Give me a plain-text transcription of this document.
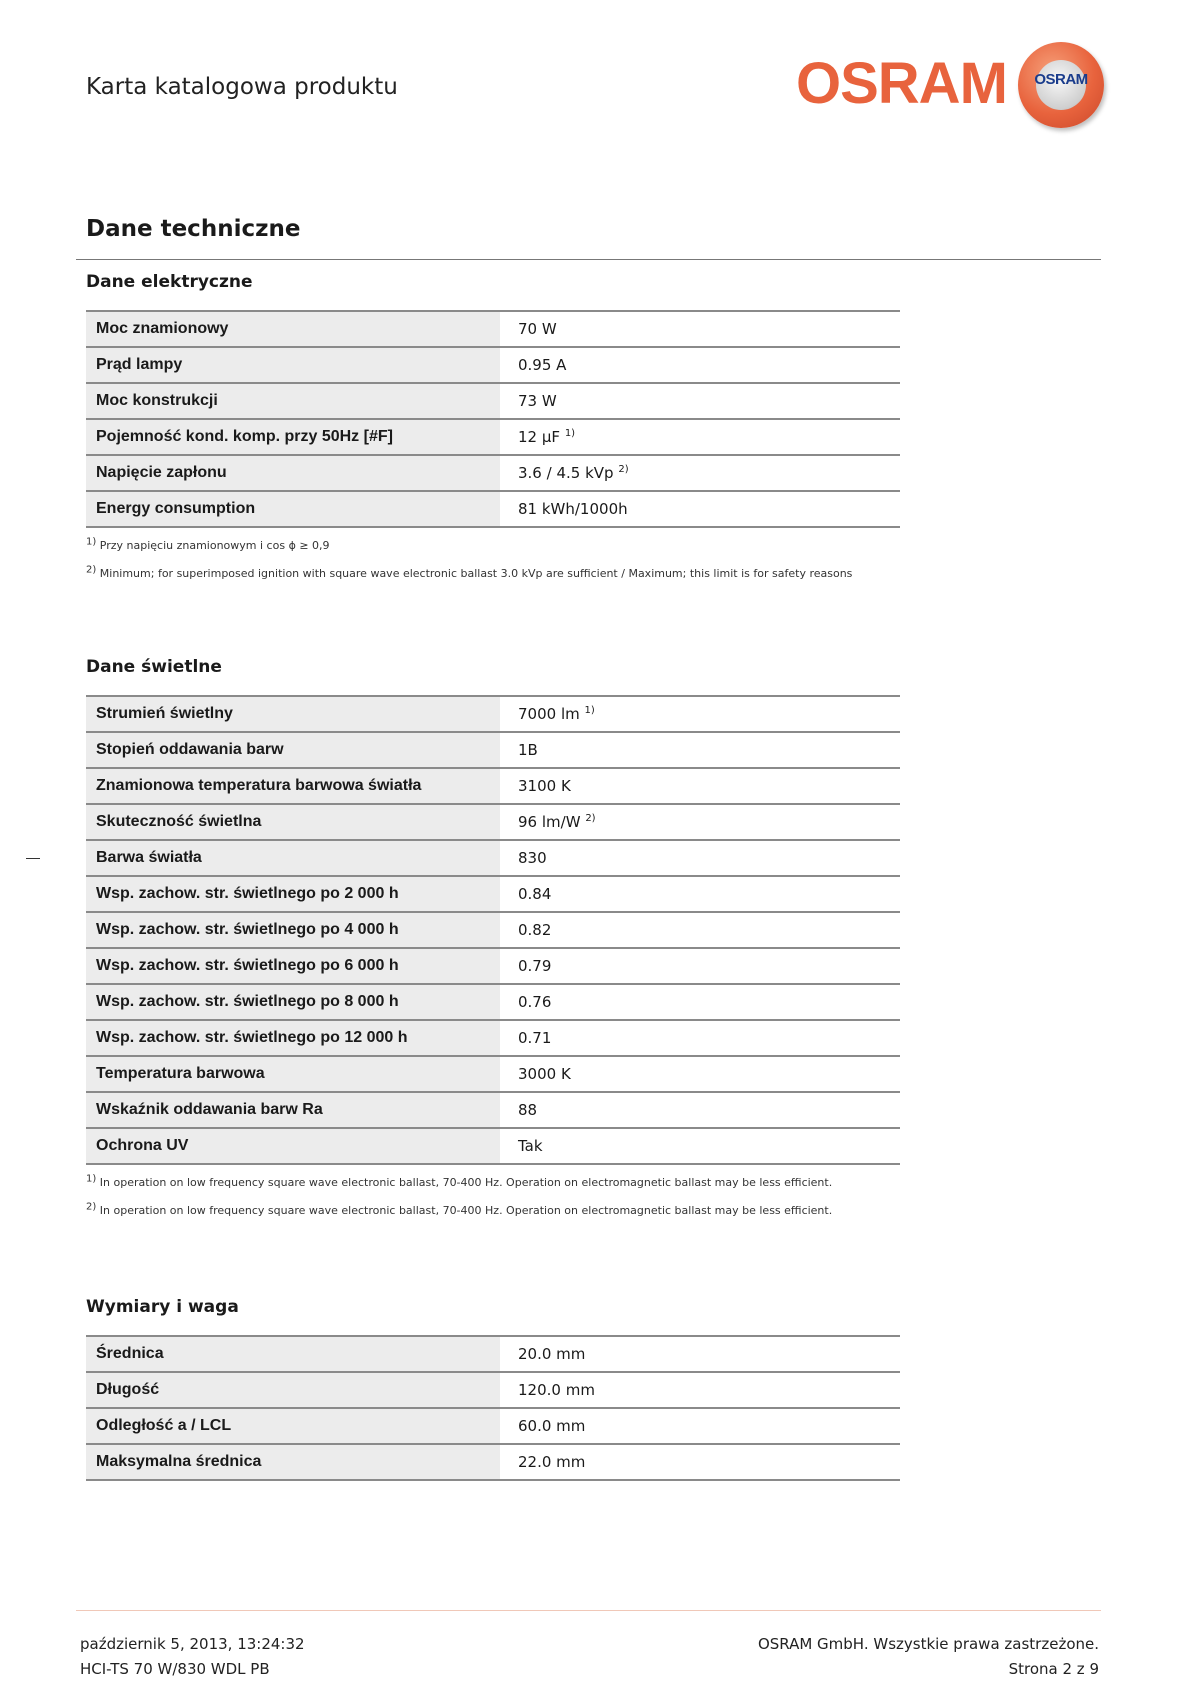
Karta katalogowa produktu	OSRAM	OSRAM
Dane techniczne
Dane elektryczne
Moc znamionowy		70 W
Prąd lampy		0.95 A
Moc konstrukcji		73 W
Pojemność kond. komp. przy 50Hz [#F]		12 µF $^{1)}$
Napięcie zapłonu		3.6 / 4.5 kVp $^{2)}$
Energy consumption		81 kWh/1000h
$^{1)}$ Przy napięciu znamionowym i cos ϕ ≥ 0,9
$^{2)}$ Minimum; for superimposed ignition with square wave electronic ballast 3.0 kVp are sufficient / Maximum; this limit is for safety reasons
Dane świetlne
Strumień świetlny		7000 lm $^{1)}$
Stopień oddawania barw		1B
Znamionowa temperatura barwowa światła		3100 K
Skuteczność świetlna		96 lm/W $^{2)}$
Barwa światła		830
Wsp. zachow. str. świetlnego po 2 000 h		0.84
Wsp. zachow. str. świetlnego po 4 000 h		0.82
Wsp. zachow. str. świetlnego po 6 000 h		0.79
Wsp. zachow. str. świetlnego po 8 000 h		0.76
Wsp. zachow. str. świetlnego po 12 000 h		0.71
Temperatura barwowa		3000 K
Wskaźnik oddawania barw Ra		88
Ochrona UV		Tak
$^{1)}$ In operation on low frequency square wave electronic ballast, 70-400 Hz. Operation on electromagnetic ballast may be less efficient.
$^{2)}$ In operation on low frequency square wave electronic ballast, 70-400 Hz. Operation on electromagnetic ballast may be less efficient.
Wymiary i waga
Średnica		20.0 mm
Długość		120.0 mm
Odległość a / LCL		60.0 mm
Maksymalna średnica		22.0 mm
październik 5, 2013, 13:24:32
HCI-TS 70 W/830 WDL PB
OSRAM GmbH. Wszystkie prawa zastrzeżone.
Strona 2 z 9
